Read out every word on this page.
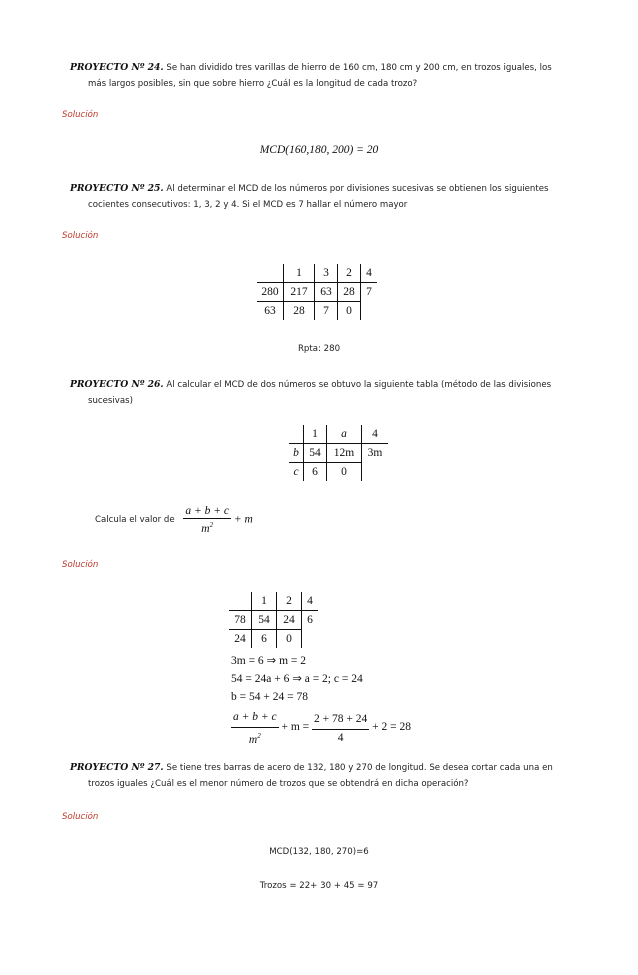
PROYECTO Nº 24. Se han dividido tres varillas de hierro de 160 cm, 180 cm y 200 cm, en trozos iguales, los
más largos posibles, sin que sobre hierro ¿Cuál es la longitud de cada trozo?
Solución
MCD(160,180, 200) = 20
PROYECTO Nº 25. Al determinar el MCD de los números por divisiones sucesivas se obtienen los siguientes
cocientes consecutivos: 1, 3, 2 y 4. Si el MCD es 7 hallar el número mayor
Solución
	1	3	2	4
280	217	63	28	7
63	28	7	0	
Rpta: 280
PROYECTO Nº 26. Al calcular el MCD de dos números se obtuvo la siguiente tabla (método de las divisiones
sucesivas)
	1	a	4
b	54	12m	3m
c	6	0	
Calcula el valor de $\frac{a + b + c}{m^2} + m$
Solución
	1	2	4
78	54	24	6
24	6	0	
3m = 6 ⇒ m = 2
54 = 24a + 6 ⇒ a = 2; c = 24
b = 54 + 24 = 78
$\frac{a + b + c}{m^2} + m = \frac{2 + 78 + 24}{4} + 2 = 28$
PROYECTO Nº 27. Se tiene tres barras de acero de 132, 180 y 270 de longitud. Se desea cortar cada una en
trozos iguales ¿Cuál es el menor número de trozos que se obtendrá en dicha operación?
Solución
MCD(132, 180, 270)=6
Trozos = 22+ 30 + 45 = 97
